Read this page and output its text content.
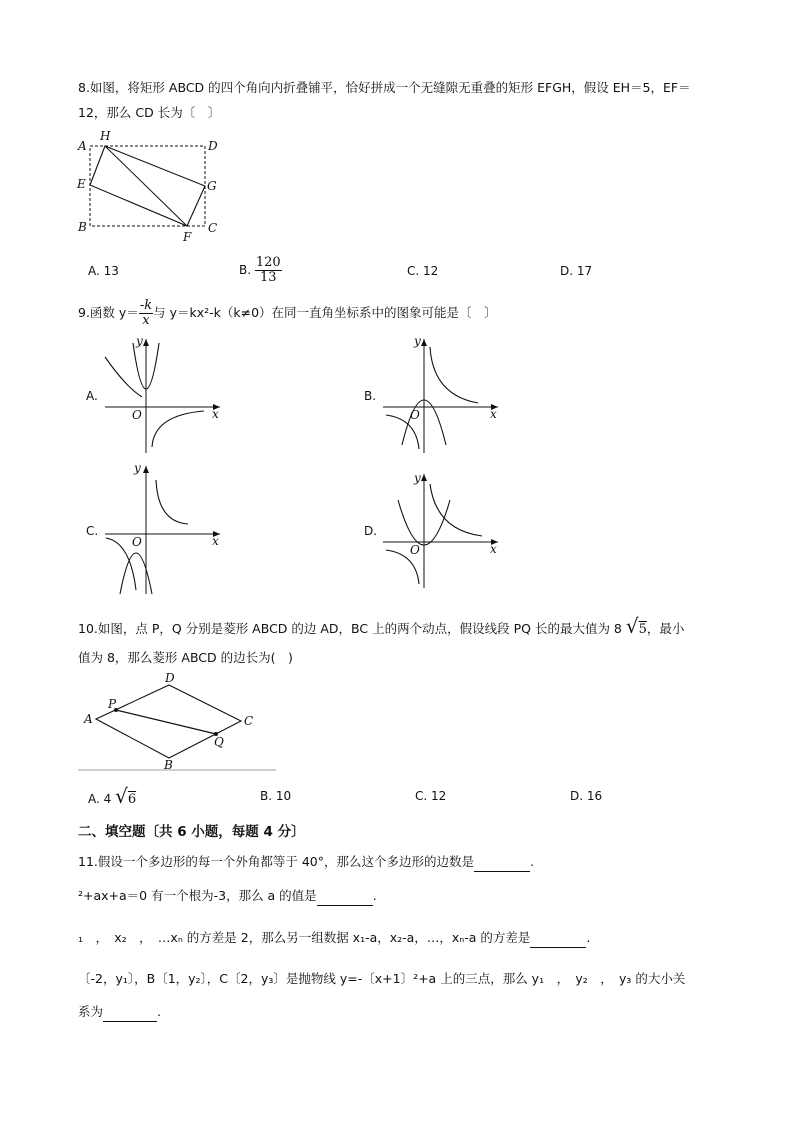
8.如图，将矩形 ABCD 的四个角向内折叠铺平，恰好拼成一个无缝隙无重叠的矩形 EFGH，假设 EH＝5，EF＝
12，那么 CD 长为〔　〕
A
H
D
E	G
B
F
C
A. 13	B. $\frac{120}{13}$	C. 12	D. 17
9.函数 $y= \frac{-k}{x}$ 与 y＝kx²-k（k≠0）在同一直角坐标系中的图象可能是〔　〕
A.
y
x
O
B.
y
x
O
C.
y
x
O
D.
y
x
O
10.如图，点 P，Q 分别是菱形 ABCD 的边 AD，BC 上的两个动点，假设线段 PQ 长的最大值为 8 √5，最小
值为 8，那么菱形 ABCD 的边长为(　)
A
P
D
C
Q
B
A. 4 √6	B. 10	C. 12	D. 16
二、填空题〔共 6 小题，每题 4 分〕
11.假设一个多边形的每一个外角都等于 40°，那么这个多边形的边数是	.
²+ax+a＝0 有一个根为-3，那么 a 的值是	.
₁　，　x₂　，　…xₙ 的方差是 2，那么另一组数据 x₁-a，x₂-a，…，xₙ-a 的方差是	.
〔-2，y₁〕，B〔1，y₂〕，C〔2，y₃〕是抛物线 y=-〔x+1〕²+a 上的三点，那么 y₁　，　y₂　，　y₃ 的大小关
系为	.
